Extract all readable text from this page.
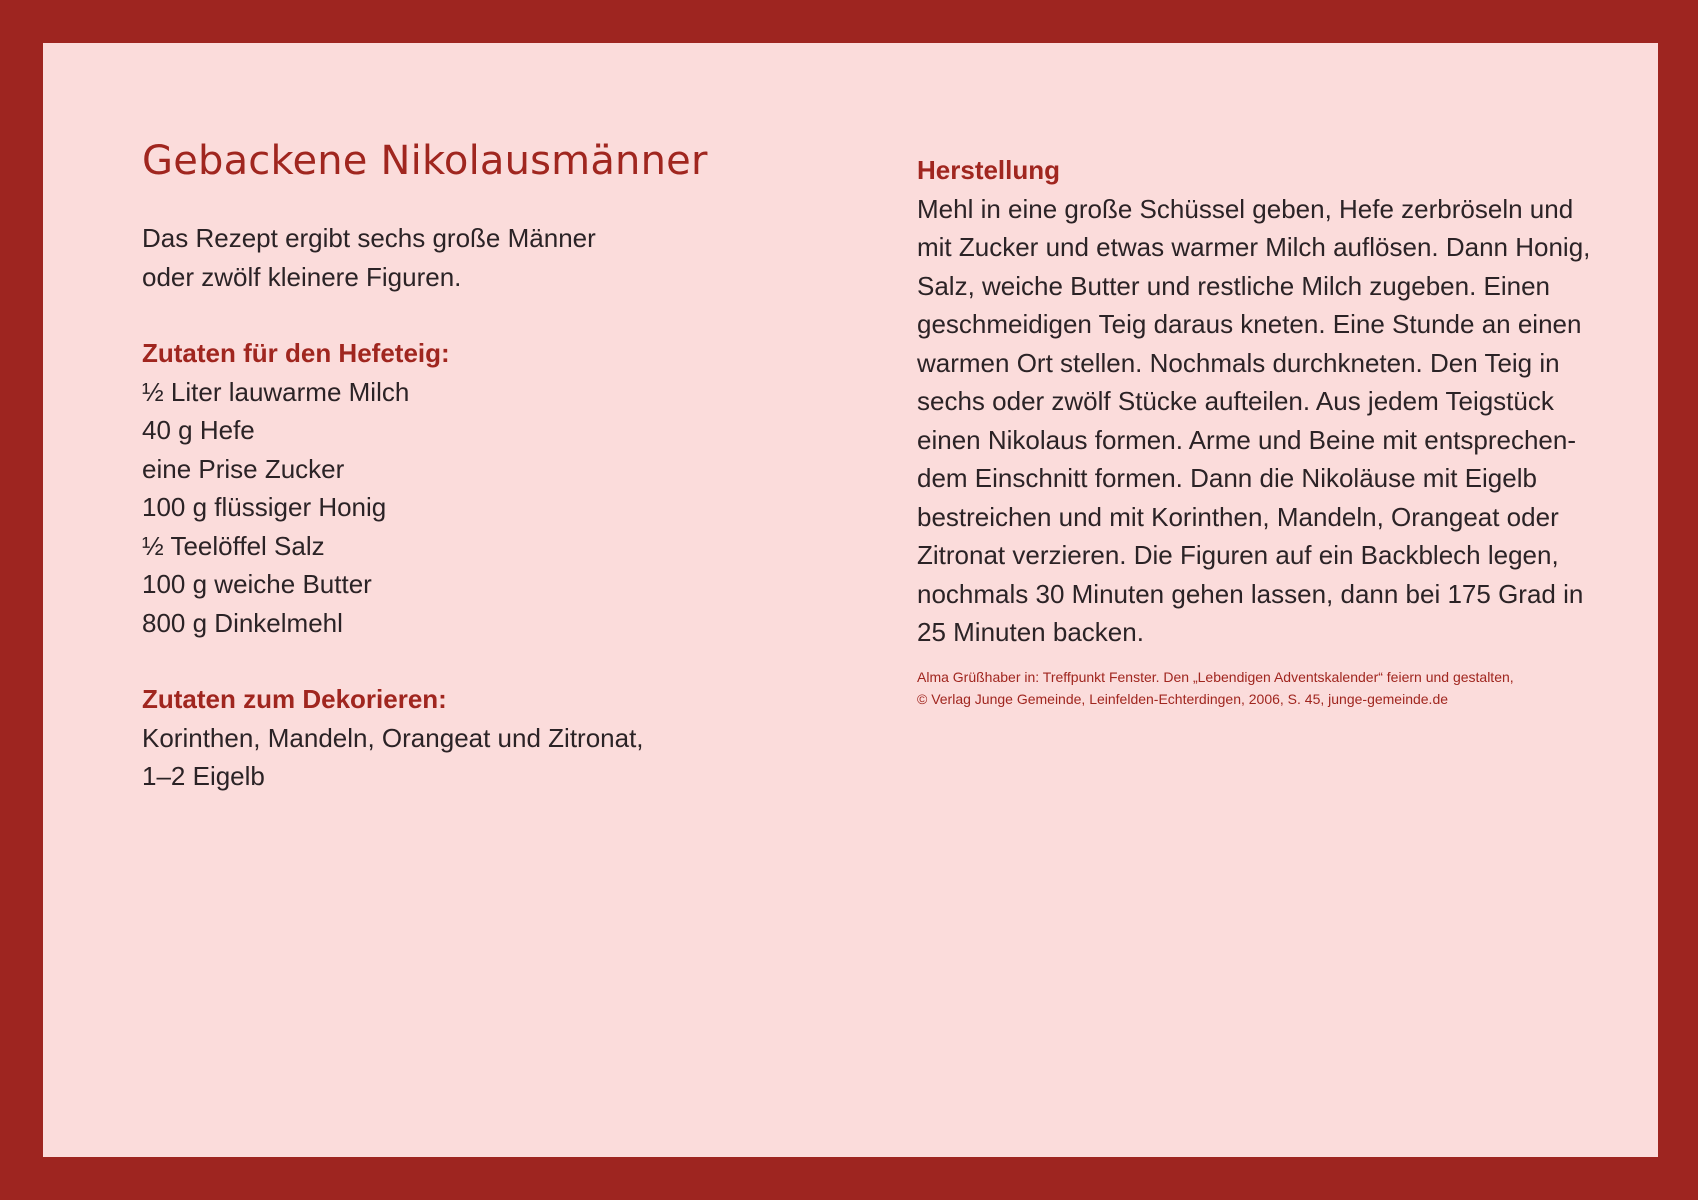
Gebackene Nikolausmänner
Das Rezept ergibt sechs große Männer
oder zwölf kleinere Figuren.
Zutaten für den Hefeteig:
½ Liter lauwarme Milch
40 g Hefe
eine Prise Zucker
100 g flüssiger Honig
½ Teelöffel Salz
100 g weiche Butter
800 g Dinkelmehl
Zutaten zum Dekorieren:
Korinthen, Mandeln, Orangeat und Zitronat,
1–2 Eigelb
Herstellung
Mehl in eine große Schüssel geben, Hefe zerbröseln und
mit Zucker und etwas warmer Milch auflösen. Dann Honig,
Salz, weiche Butter und restliche Milch zugeben. Einen
geschmeidigen Teig daraus kneten. Eine Stunde an einen
warmen Ort stellen. Nochmals durchkneten. Den Teig in
sechs oder zwölf Stücke aufteilen. Aus jedem Teigstück
einen Nikolaus formen. Arme und Beine mit entsprechen-
dem Einschnitt formen. Dann die Nikoläuse mit Eigelb
bestreichen und mit Korinthen, Mandeln, Orangeat oder
Zitronat verzieren. Die Figuren auf ein Backblech legen,
nochmals 30 Minuten gehen lassen, dann bei 175 Grad in
25 Minuten backen.
Alma Grüßhaber in: Treffpunkt Fenster. Den „Lebendigen Adventskalender“ feiern und gestalten,
© Verlag Junge Gemeinde, Leinfelden-Echterdingen, 2006, S. 45, junge-gemeinde.de
